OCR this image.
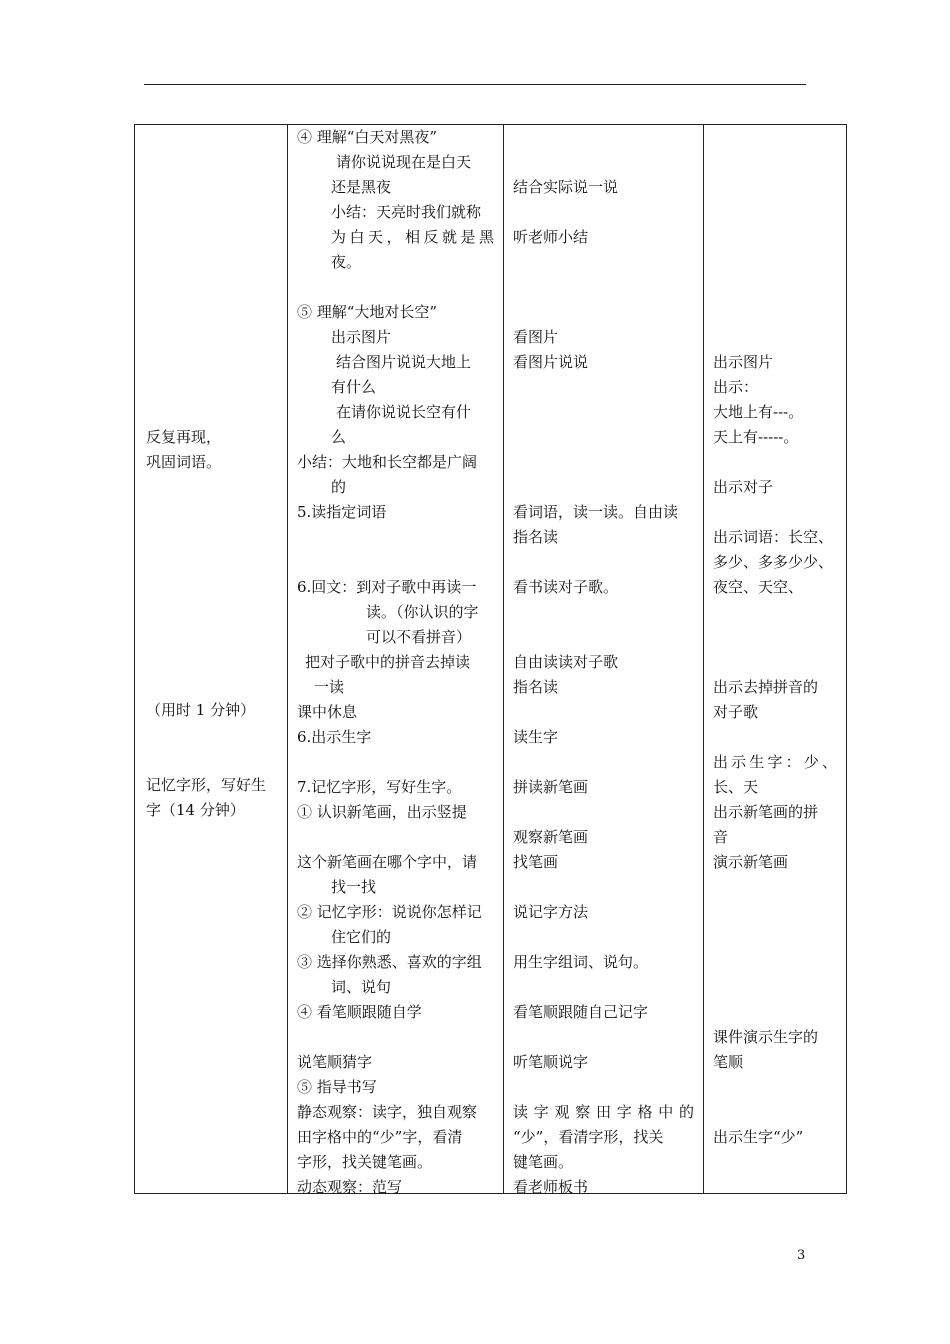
反复再现，
巩固词语。
（用时 1 分钟）
记忆字形，写好生
字（14 分钟）
④ 理解“白天对黑夜”
请你说说现在是白天
还是黑夜
小结：天亮时我们就称
为白天，相反就是黑
夜。
⑤ 理解“大地对长空”
出示图片
结合图片说说大地上
有什么
在请你说说长空有什
么
小结：大地和长空都是广阔
的
5.读指定词语
6.回文：到对子歌中再读一
读。（你认识的字
可以不看拼音）
把对子歌中的拼音去掉读
一读
课中休息
6.出示生字
7.记忆字形，写好生字。
① 认识新笔画，出示竖提
这个新笔画在哪个字中，请
找一找
② 记忆字形：说说你怎样记
住它们的
③ 选择你熟悉、喜欢的字组
词、说句
④ 看笔顺跟随自学
说笔顺猜字
⑤ 指导书写
静态观察：读字，独自观察
田字格中的“少”字，看清
字形，找关键笔画。
动态观察：范写
结合实际说一说
听老师小结
看图片
看图片说说
看词语，读一读。自由读
指名读
看书读对子歌。
自由读读对子歌
指名读
读生字
拼读新笔画
观察新笔画
找笔画
说记字方法
用生字组词、说句。
看笔顺跟随自己记字
听笔顺说字
读字观察田字格中的
“少”，看清字形，找关
键笔画。
看老师板书
出示图片
出示：
大地上有---。
天上有-----。
出示对子
出示词语：长空、
多少、多多少少、
夜空、天空、
出示去掉拼音的
对子歌
出示生字：少、
长、天
出示新笔画的拼
音
演示新笔画
课件演示生字的
笔顺
出示生字“少”
3
